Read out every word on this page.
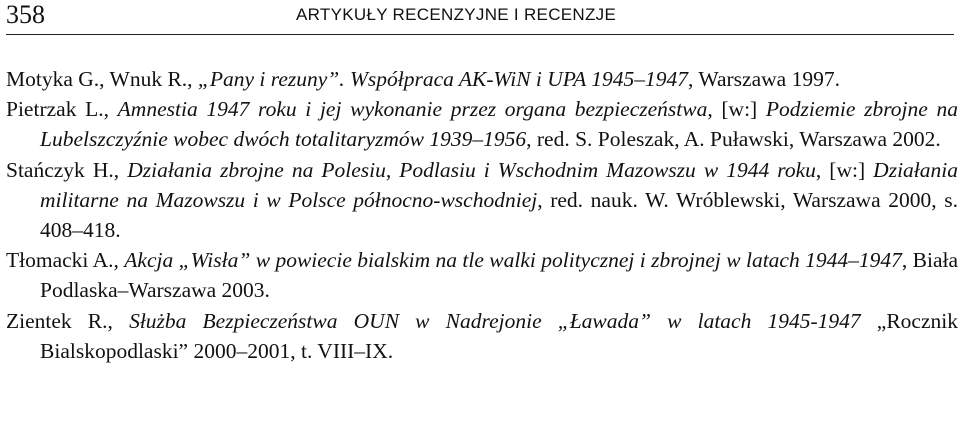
358	ARTYKUŁY RECENZYJNE I RECENZJE
Motyka G., Wnuk R., „Pany i rezuny”. Współpraca AK-WiN i UPA 1945–1947, Warszawa 1997.
Pietrzak L., Amnestia 1947 roku i jej wykonanie przez organa bezpieczeństwa, [w:] Podziemie zbrojne na Lubelszczyźnie wobec dwóch totalitaryzmów 1939–1956, red. S. Poleszak, A. Puławski, Warszawa 2002.
Stańczyk H., Działania zbrojne na Polesiu, Podlasiu i Wschodnim Mazowszu w 1944 roku, [w:] Działania militarne na Mazowszu i w Polsce północno-wschodniej, red. nauk. W. Wróblewski, Warszawa 2000, s. 408–418.
Tłomacki A., Akcja „Wisła” w powiecie bialskim na tle walki politycznej i zbrojnej w latach 1944–1947, Biała Podlaska–Warszawa 2003.
Zientek R., Służba Bezpieczeństwa OUN w Nadrejonie „Ławada” w latach 1945-1947 „Rocznik Bialskopodlaski” 2000–2001, t. VIII–IX.
